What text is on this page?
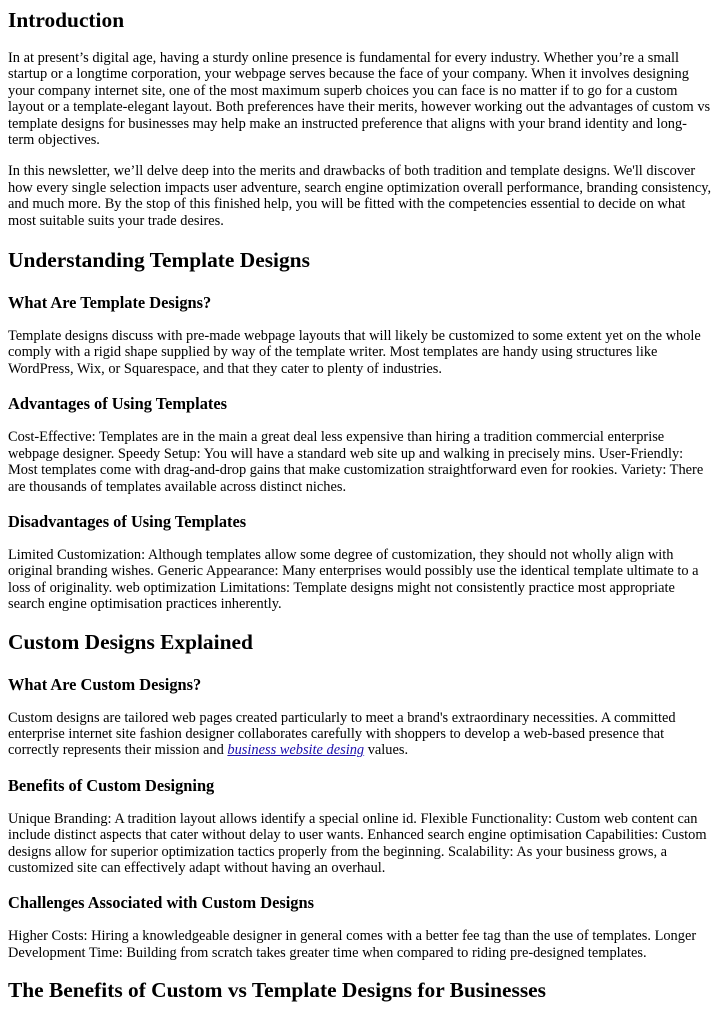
Introduction

In at present’s digital age, having a sturdy online presence is fundamental for every industry. Whether you’re a small startup or a longtime corporation, your webpage serves because the face of your company. When it involves designing your company internet site, one of the most maximum superb choices you can face is no matter if to go for a custom layout or a template-elegant layout. Both preferences have their merits, however working out the advantages of custom vs template designs for businesses may help make an instructed preference that aligns with your brand identity and long-term objectives.

In this newsletter, we’ll delve deep into the merits and drawbacks of both tradition and template designs. We'll discover how every single selection impacts user adventure, search engine optimization overall performance, branding consistency, and much more. By the stop of this finished help, you will be fitted with the competencies essential to decide on what most suitable suits your trade desires.

Understanding Template Designs
What Are Template Designs?

Template designs discuss with pre-made webpage layouts that will likely be customized to some extent yet on the whole comply with a rigid shape supplied by way of the template writer. Most templates are handy using structures like WordPress, Wix, or Squarespace, and that they cater to plenty of industries.

Advantages of Using Templates

Cost-Effective: Templates are in the main a great deal less expensive than hiring a tradition commercial enterprise webpage designer. Speedy Setup: You will have a standard web site up and walking in precisely mins. User-Friendly: Most templates come with drag-and-drop gains that make customization straightforward even for rookies. Variety: There are thousands of templates available across distinct niches.

Disadvantages of Using Templates

Limited Customization: Although templates allow some degree of customization, they should not wholly align with original branding wishes. Generic Appearance: Many enterprises would possibly use the identical template ultimate to a loss of originality. web optimization Limitations: Template designs might not consistently practice most appropriate search engine optimisation practices inherently.

Custom Designs Explained
What Are Custom Designs?

Custom designs are tailored web pages created particularly to meet a brand's extraordinary necessities. A committed enterprise internet site fashion designer collaborates carefully with shoppers to develop a web-based presence that correctly represents their mission and business website desing values.

Benefits of Custom Designing

Unique Branding: A tradition layout allows identify a special online id. Flexible Functionality: Custom web content can include distinct aspects that cater without delay to user wants. Enhanced search engine optimisation Capabilities: Custom designs allow for superior optimization tactics properly from the beginning. Scalability: As your business grows, a customized site can effectively adapt without having an overhaul.

Challenges Associated with Custom Designs

Higher Costs: Hiring a knowledgeable designer in general comes with a better fee tag than the use of templates. Longer Development Time: Building from scratch takes greater time when compared to riding pre-designed templates.

The Benefits of Custom vs Template Designs for Businesses
